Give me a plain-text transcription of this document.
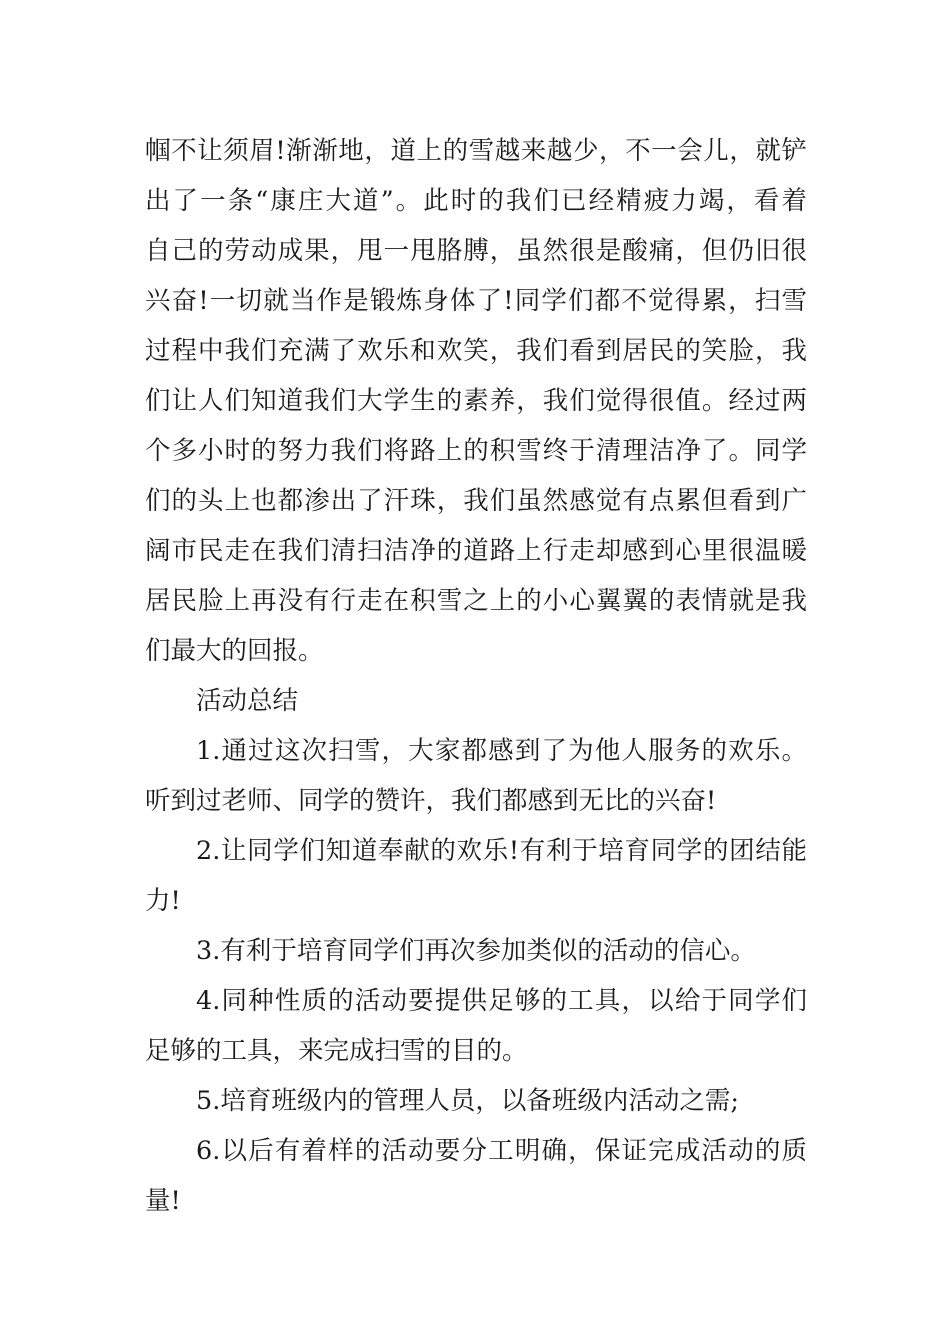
帼不让须眉!渐渐地，道上的雪越来越少，不一会儿，就铲
出了一条“康庄大道”。此时的我们已经精疲力竭，看着
自己的劳动成果，甩一甩胳膊，虽然很是酸痛，但仍旧很
兴奋!一切就当作是锻炼身体了!同学们都不觉得累，扫雪
过程中我们充满了欢乐和欢笑，我们看到居民的笑脸，我
们让人们知道我们大学生的素养，我们觉得很值。经过两
个多小时的努力我们将路上的积雪终于清理洁净了。同学
们的头上也都渗出了汗珠，我们虽然感觉有点累但看到广
阔市民走在我们清扫洁净的道路上行走却感到心里很温暖
居民脸上再没有行走在积雪之上的小心翼翼的表情就是我
们最大的回报。
活动总结
1.通过这次扫雪，大家都感到了为他人服务的欢乐。
听到过老师、同学的赞许，我们都感到无比的兴奋!
2.让同学们知道奉献的欢乐!有利于培育同学的团结能
力!
3.有利于培育同学们再次参加类似的活动的信心。
4.同种性质的活动要提供足够的工具，以给于同学们
足够的工具，来完成扫雪的目的。
5.培育班级内的管理人员，以备班级内活动之需;
6.以后有着样的活动要分工明确，保证完成活动的质
量!
